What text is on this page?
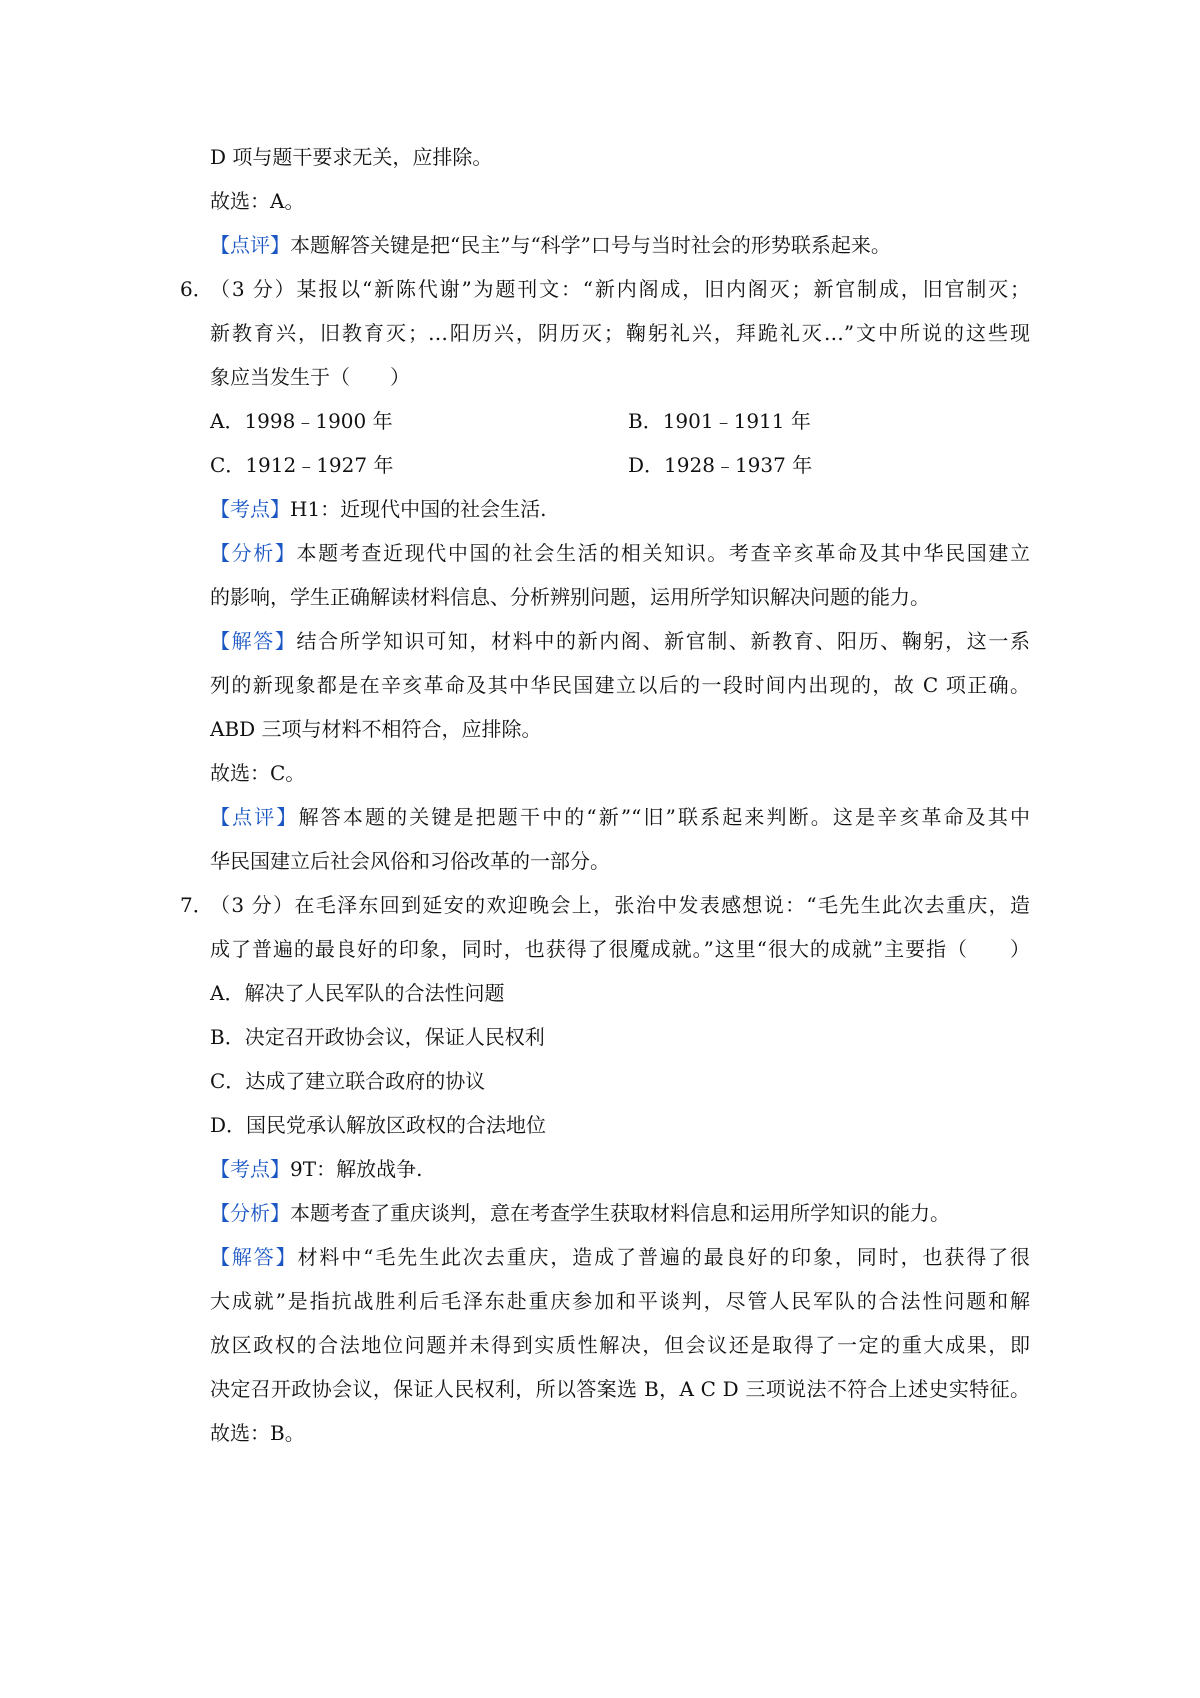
D 项与题干要求无关，应排除。
故选：A。
【点评】本题解答关键是把“民主”与“科学”口号与当时社会的形势联系起来。
6．
（3 分）某报以“新陈代谢”为题刊文：“新内阁成，旧内阁灭；新官制成，旧官制灭；
新教育兴，旧教育灭；…阳历兴，阴历灭；鞠躬礼兴，拜跪礼灭…”文中所说的这些现
象应当发生于（　　）
A．1998﹣1900 年	B．1901﹣1911 年
C．1912﹣1927 年	D．1928﹣1937 年
【考点】H1：近现代中国的社会生活.
【分析】本题考查近现代中国的社会生活的相关知识。考查辛亥革命及其中华民国建立
的影响，学生正确解读材料信息、分析辨别问题，运用所学知识解决问题的能力。
【解答】结合所学知识可知，材料中的新内阁、新官制、新教育、阳历、鞠躬，这一系
列的新现象都是在辛亥革命及其中华民国建立以后的一段时间内出现的，故 C 项正确。
ABD 三项与材料不相符合，应排除。
故选：C。
【点评】解答本题的关键是把题干中的“新”“旧”联系起来判断。这是辛亥革命及其中
华民国建立后社会风俗和习俗改革的一部分。
7．
（3 分）在毛泽东回到延安的欢迎晚会上，张治中发表感想说：“毛先生此次去重庆，造
成了普遍的最良好的印象，同时，也获得了很魇成就。”这里“很大的成就”主要指（　　）
A．解决了人民军队的合法性问题
B．决定召开政协会议，保证人民权利
C．达成了建立联合政府的协议
D．国民党承认解放区政权的合法地位
【考点】9T：解放战争.
【分析】本题考查了重庆谈判，意在考查学生获取材料信息和运用所学知识的能力。
【解答】材料中“毛先生此次去重庆，造成了普遍的最良好的印象，同时，也获得了很
大成就”是指抗战胜利后毛泽东赴重庆参加和平谈判，尽管人民军队的合法性问题和解
放区政权的合法地位问题并未得到实质性解决，但会议还是取得了一定的重大成果，即
决定召开政协会议，保证人民权利，所以答案选 B，A C D 三项说法不符合上述史实特征。
故选：B。
